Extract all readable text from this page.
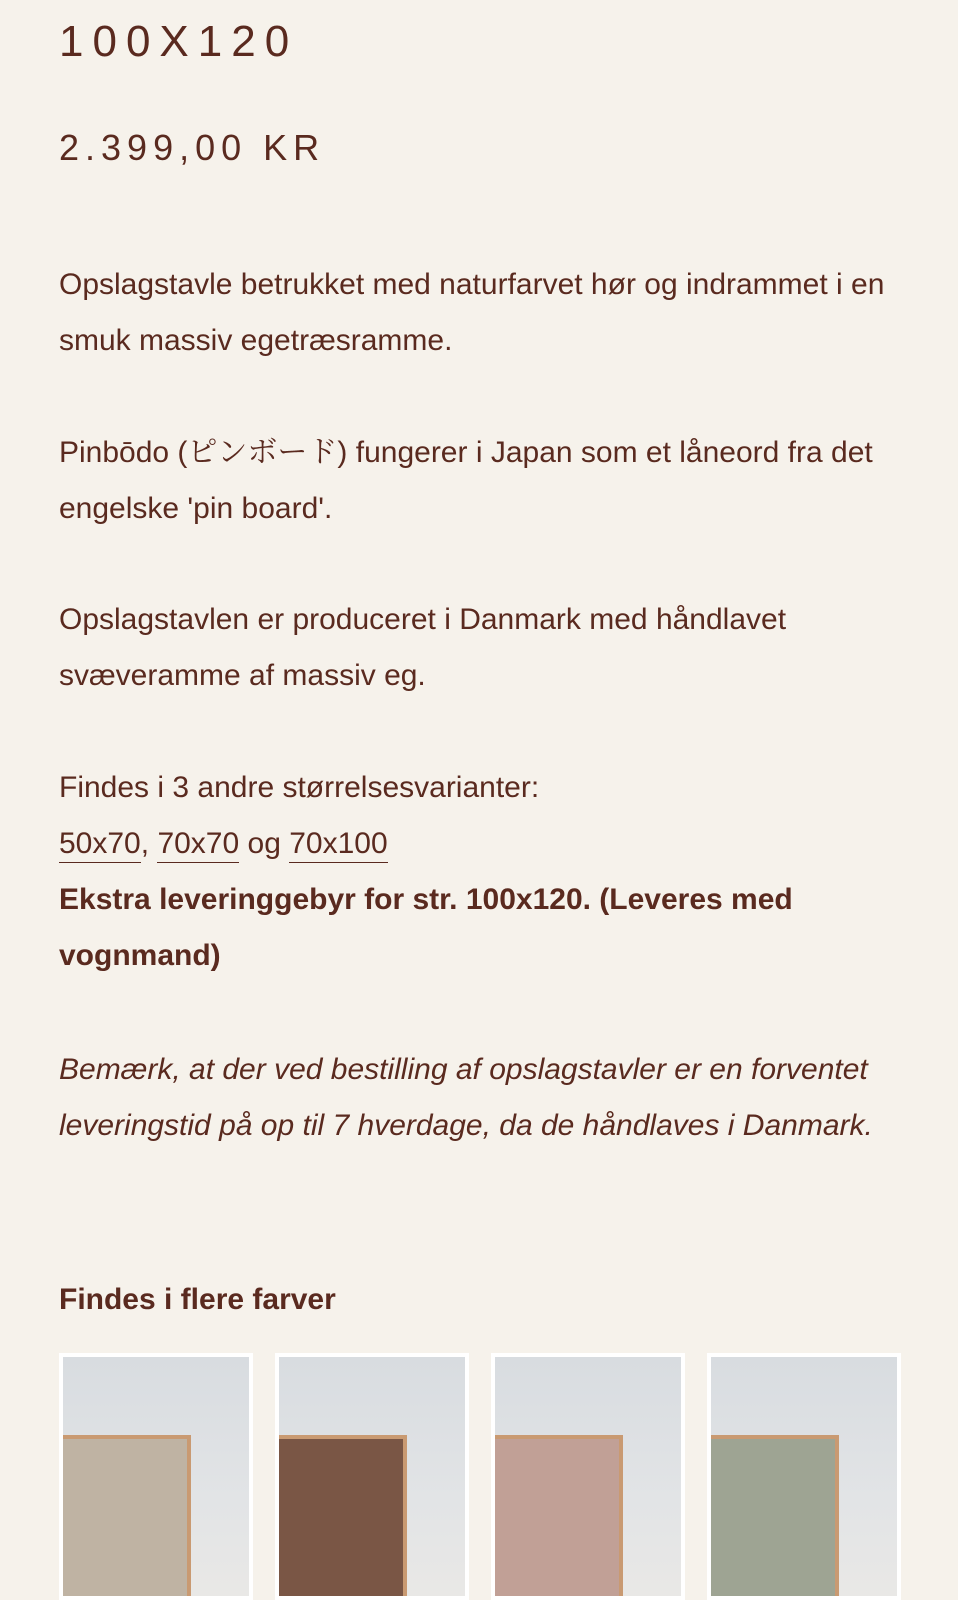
100X120
2.399,00 KR

Opslagstavle betrukket med naturfarvet hør og indrammet i en smuk massiv egetræsramme.

Pinbōdo (ピンボード) fungerer i Japan som et låneord fra det engelske 'pin board'.

Opslagstavlen er produceret i Danmark med håndlavet svæveramme af massiv eg.

Findes i 3 andre størrelsesvarianter:
50x70, 70x70 og 70x100
Ekstra leveringgebyr for str. 100x120. (Leveres med vognmand)

Bemærk, at der ved bestilling af opslagstavler er en forventet leveringstid på op til 7 hverdage, da de håndlaves i Danmark.

Findes i flere farver
